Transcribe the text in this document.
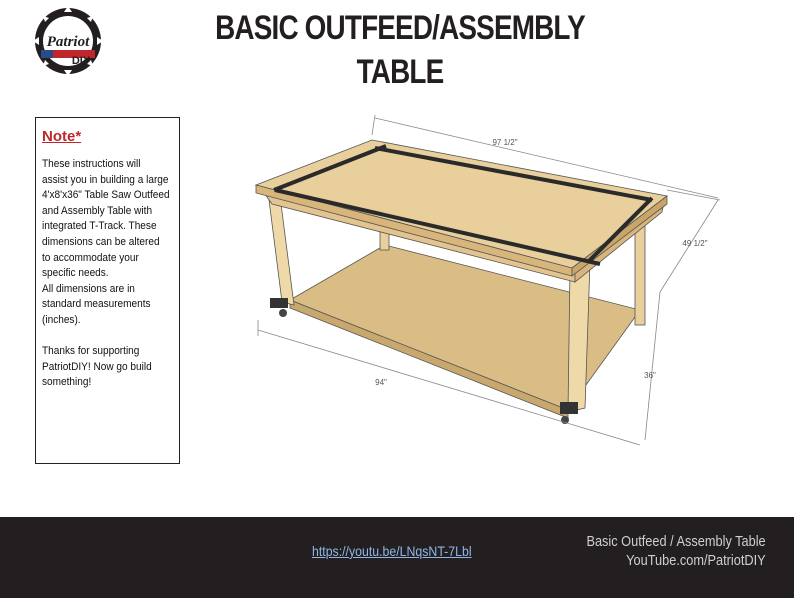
Patriot
DIY
BASIC OUTFEED/ASSEMBLY TABLE
Note*
These instructions will
assist you in building a large
4'x8'x36" Table Saw Outfeed
and Assembly Table with
integrated T-Track. These
dimensions can be altered
to accommodate your
specific needs.
All dimensions are in
standard measurements
(inches).

Thanks for supporting
PatriotDIY! Now go build
something!
97 1/2"
49 1/2"
36"
94"
https://youtu.be/LNqsNT-7Lbl
Basic Outfeed / Assembly Table
YouTube.com/PatriotDIY
